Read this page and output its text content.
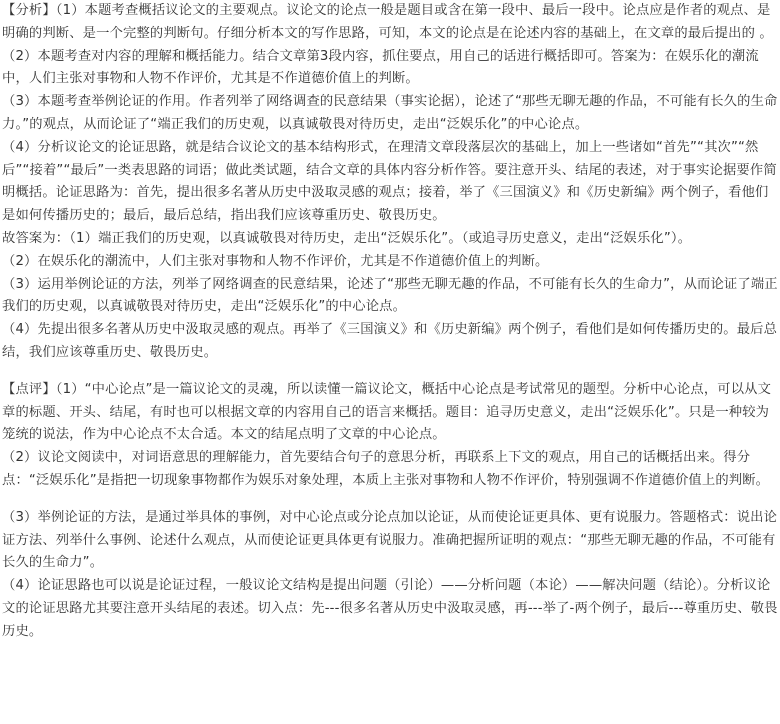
【分析】（1）本题考查概括议论文的主要观点。议论文的论点一般是题目或含在第一段中、最后一段中。论点应是作者的观点、是明确的判断、是一个完整的判断句。仔细分析本文的写作思路，可知，本文的论点是在论述内容的基础上，在文章的最后提出的 。

（2）本题考查对内容的理解和概括能力。结合文章第3段内容，抓住要点，用自己的话进行概括即可。答案为：在娱乐化的潮流中，人们主张对事物和人物不作评价，尤其是不作道德价值上的判断。

（3）本题考查举例论证的作用。作者列举了网络调查的民意结果（事实论据），论述了“那些无聊无趣的作品，不可能有长久的生命力。”的观点，从而论证了“端正我们的历史观，以真诚敬畏对待历史，走出“泛娱乐化”的中心论点。

（4）分析议论文的论证思路，就是结合议论文的基本结构形式，在理清文章段落层次的基础上，加上一些诸如“首先”“其次”“然后”“接着”“最后”一类表思路的词语；做此类试题，结合文章的具体内容分析作答。要注意开头、结尾的表述，对于事实论据要作简明概括。论证思路为：首先，提出很多名著从历史中汲取灵感的观点；接着，举了《三国演义》和《历史新编》两个例子，看他们是如何传播历史的；最后，最后总结，指出我们应该尊重历史、敬畏历史。

故答案为：（1）端正我们的历史观，以真诚敬畏对待历史，走出“泛娱乐化”。（或追寻历史意义，走出“泛娱乐化”）。

（2）在娱乐化的潮流中，人们主张对事物和人物不作评价，尤其是不作道德价值上的判断。

（3）运用举例论证的方法，列举了网络调查的民意结果，论述了“那些无聊无趣的作品，不可能有长久的生命力”，从而论证了端正我们的历史观，以真诚敬畏对待历史，走出“泛娱乐化”的中心论点。

（4）先提出很多名著从历史中汲取灵感的观点。再举了《三国演义》和《历史新编》两个例子，看他们是如何传播历史的。最后总结，我们应该尊重历史、敬畏历史。

【点评】（1）“中心论点”是一篇议论文的灵魂，所以读懂一篇议论文，概括中心论点是考试常见的题型。分析中心论点，可以从文章的标题、开头、结尾，有时也可以根据文章的内容用自己的语言来概括。题目：追寻历史意义，走出“泛娱乐化”。只是一种较为笼统的说法，作为中心论点不太合适。本文的结尾点明了文章的中心论点。

（2）议论文阅读中，对词语意思的理解能力，首先要结合句子的意思分析，再联系上下文的观点，用自己的话概括出来。得分点：“泛娱乐化”是指把一切现象事物都作为娱乐对象处理，本质上主张对事物和人物不作评价，特别强调不作道德价值上的判断。

（3）举例论证的方法，是通过举具体的事例，对中心论点或分论点加以论证，从而使论证更具体、更有说服力。答题格式：说出论证方法、列举什么事例、论述什么观点，从而使论证更具体更有说服力。准确把握所证明的观点：“那些无聊无趣的作品，不可能有长久的生命力”。

（4）论证思路也可以说是论证过程，一般议论文结构是提出问题（引论）——分析问题（本论）——解决问题（结论）。分析议论文的论证思路尤其要注意开头结尾的表述。切入点：先---很多名著从历史中汲取灵感，再---举了-两个例子，最后---尊重历史、敬畏历史。
